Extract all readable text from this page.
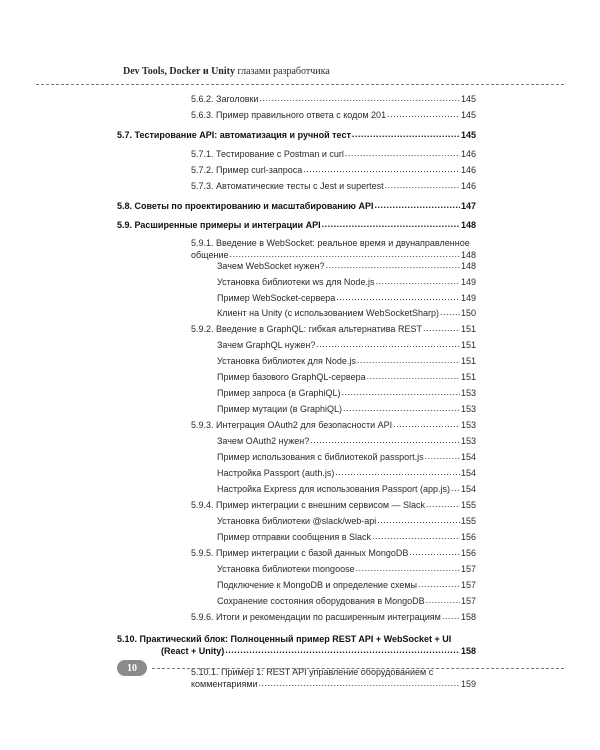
Dev Tools, Docker и Unity глазами разработчика
5.6.2. Заголовки .....	145
5.6.3. Пример правильного ответа с кодом 201 .....	145
5.7. Тестирование API: автоматизация и ручной тест .....	145
5.7.1. Тестирование с Postman и curl .....	146
5.7.2. Пример curl-запроса .....	146
5.7.3. Автоматические тесты с Jest и supertest .....	146
5.8. Советы по проектированию и масштабированию API .....	147
5.9. Расширенные примеры и интеграции API .....	148
5.9.1. Введение в WebSocket: реальное время и двунаправленное
общение .....	148
Зачем WebSocket нужен? .....	148
Установка библиотеки ws для Node.js .....	149
Пример WebSocket-сервера .....	149
Клиент на Unity (с использованием WebSocketSharp) ..... 150
5.9.2. Введение в GraphQL: гибкая альтернатива REST .....	151
Зачем GraphQL нужен? .....	151
Установка библиотек для Node.js .....	151
Пример базового GraphQL-сервера .....	151
Пример запроса (в GraphiQL) .....	153
Пример мутации (в GraphiQL) .....	153
5.9.3. Интеграция OAuth2 для безопасности API .....	153
Зачем OAuth2 нужен? .....	153
Пример использования с библиотекой passport.js .....	154
Настройка Passport (auth.js) .....	154
Настройка Express для использования Passport (app.js) ..... 154
5.9.4. Пример интеграции с внешним сервисом — Slack .....	155
Установка библиотеки @slack/web-api .....	155
Пример отправки сообщения в Slack .....	156
5.9.5. Пример интеграции с базой данных MongoDB .....	156
Установка библиотеки mongoose .....	157
Подключение к MongoDB и определение схемы .....	157
Сохранение состояния оборудования в MongoDB .....	157
5.9.6. Итоги и рекомендации по расширенным интеграциям ..... 158
5.10. Практический блок: Полноценный пример REST API + WebSocket + UI
(React + Unity) .....	158
5.10.1. Пример 1: REST API управление оборудованием с
комментариями .....	159
10
